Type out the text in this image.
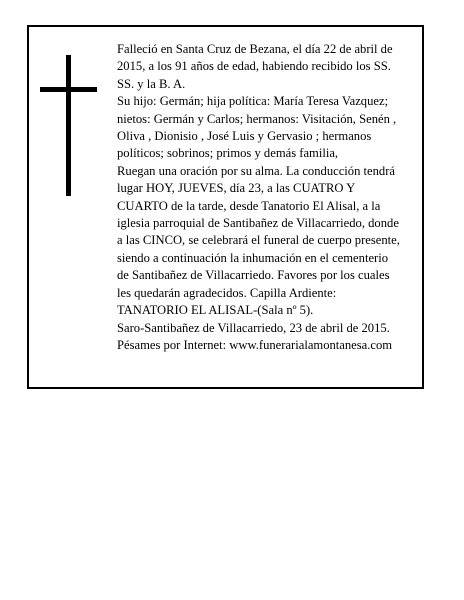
Falleció en Santa Cruz de Bezana, el día 22 de abril de
2015, a los 91 años de edad, habiendo recibido los SS.
SS. y la B. A.
Su hijo: Germán; hija política: María Teresa Vazquez;
nietos: Germán y Carlos; hermanos: Visitación, Senén ,
Oliva , Dionisio , José Luis y Gervasio ; hermanos
políticos; sobrinos; primos y demás familia,
Ruegan una oración por su alma. La conducción tendrá
lugar HOY, JUEVES, día 23, a las CUATRO Y
CUARTO de la tarde, desde Tanatorio El Alisal, a la
iglesia parroquial de Santibañez de Villacarriedo, donde
a las CINCO, se celebrará el funeral de cuerpo presente,
siendo a continuación la inhumación en el cementerio
de Santibañez de Villacarriedo. Favores por los cuales
les quedarán agradecidos. Capilla Ardiente:
TANATORIO EL ALISAL-(Sala nº 5).
Saro-Santibañez de Villacarriedo, 23 de abril de 2015.
Pésames por Internet: www.funerarialamontanesa.com
